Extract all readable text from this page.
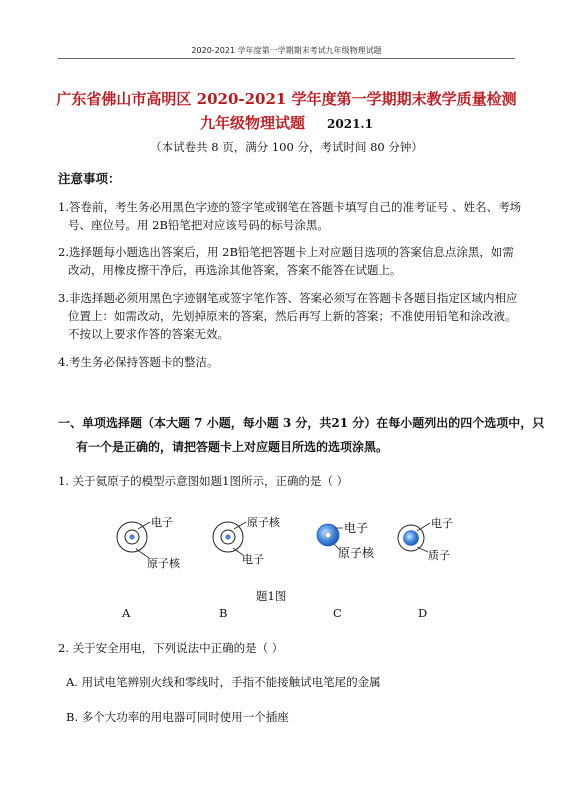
2020-2021 学年度第一学期期末考试九年级物理试题
广东省佛山市高明区 2020-2021 学年度第一学期期末教学质量检测
九年级物理试题 2021.1
（本试卷共 8 页，满分 100 分，考试时间 80 分钟）
注意事项：
1.答卷前，考生务必用黑色字迹的签字笔或钢笔在答题卡填写自己的准考证号 、姓名、考场
号、座位号。用 2B铅笔把对应该号码的标号涂黑。
2.选择题每小题选出答案后，用 2B铅笔把答题卡上对应题目选项的答案信息点涂黑，如需
改动，用橡皮擦干净后，再选涂其他答案，答案不能答在试题上。
3.非选择题必须用黑色字迹钢笔或签字笔作答、答案必须写在答题卡各题目指定区域内相应
位置上：如需改动，先划掉原来的答案，然后再写上新的答案；不准使用铅笔和涂改液。
不按以上要求作答的答案无效。
4.考生务必保持答题卡的整洁。
一、单项选择题（本大题 7 小题，每小题 3 分，共21 分）在每小题列出的四个选项中，只
有一个是正确的，请把答题卡上对应题目所选的选项涂黑。
1. 关于氦原子的模型示意图如题1图所示，正确的是（ ）
电子
原子核
原子核
电子
电子
原子核
电子
质子
题1图
A	B	C	D
2. 关于安全用电，下列说法中正确的是（ ）
A. 用试电笔辨别火线和零线时，手指不能接触试电笔尾的金属
B. 多个大功率的用电器可同时使用一个插座
